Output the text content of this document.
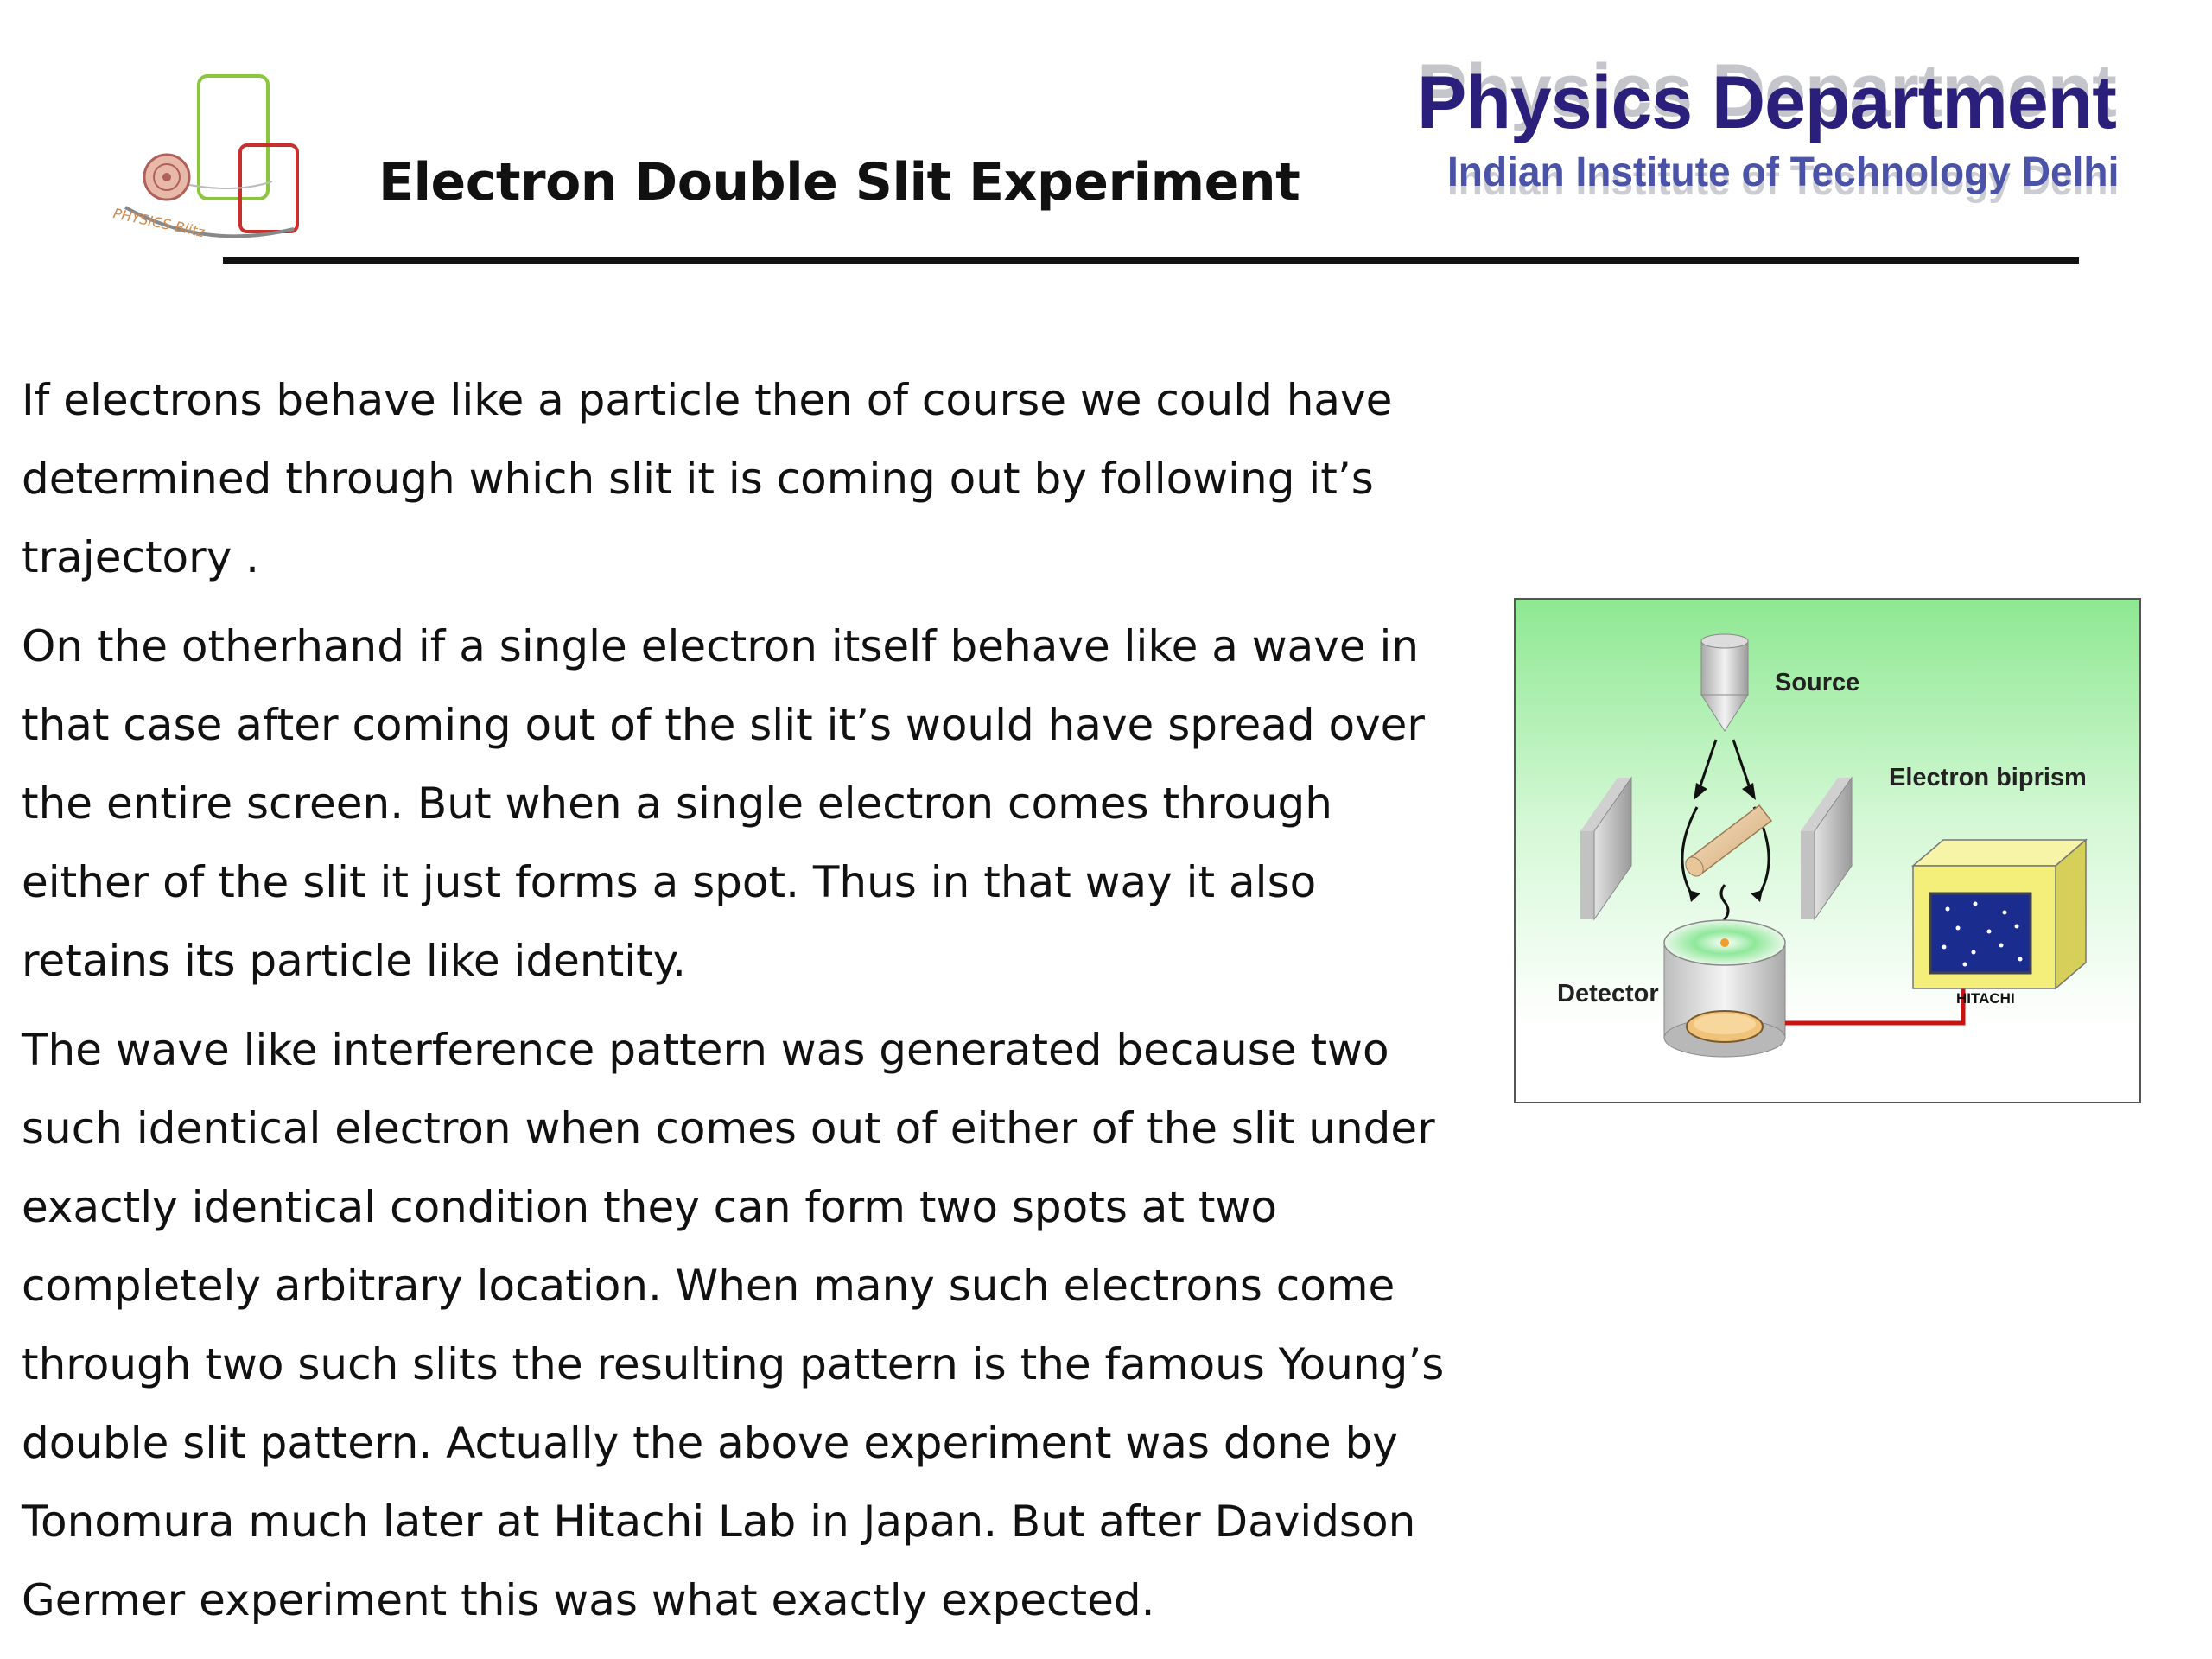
PHYSICS Blitz
Electron Double Slit Experiment
Physics Department
Indian Institute of Technology Delhi

If electrons behave like a particle then of course we could have determined through which slit it is coming out by following it’s trajectory .

On the otherhand if a single electron itself behave like a wave in that case after coming out of the slit it’s would have spread over the entire screen. But when a single electron comes through either of the slit it just forms a spot. Thus in that way it also retains its particle like identity.

The wave like interference pattern was generated because two such identical electron when comes out of either of the slit under exactly identical condition they can form two spots at two completely arbitrary location. When many such electrons come through two such slits the resulting pattern is the famous Young’s double slit pattern. Actually the above experiment was done by Tonomura much later at Hitachi Lab in Japan. But after Davidson Germer experiment this was what exactly expected.

Source
Electron biprism
Detector	HITACHI
